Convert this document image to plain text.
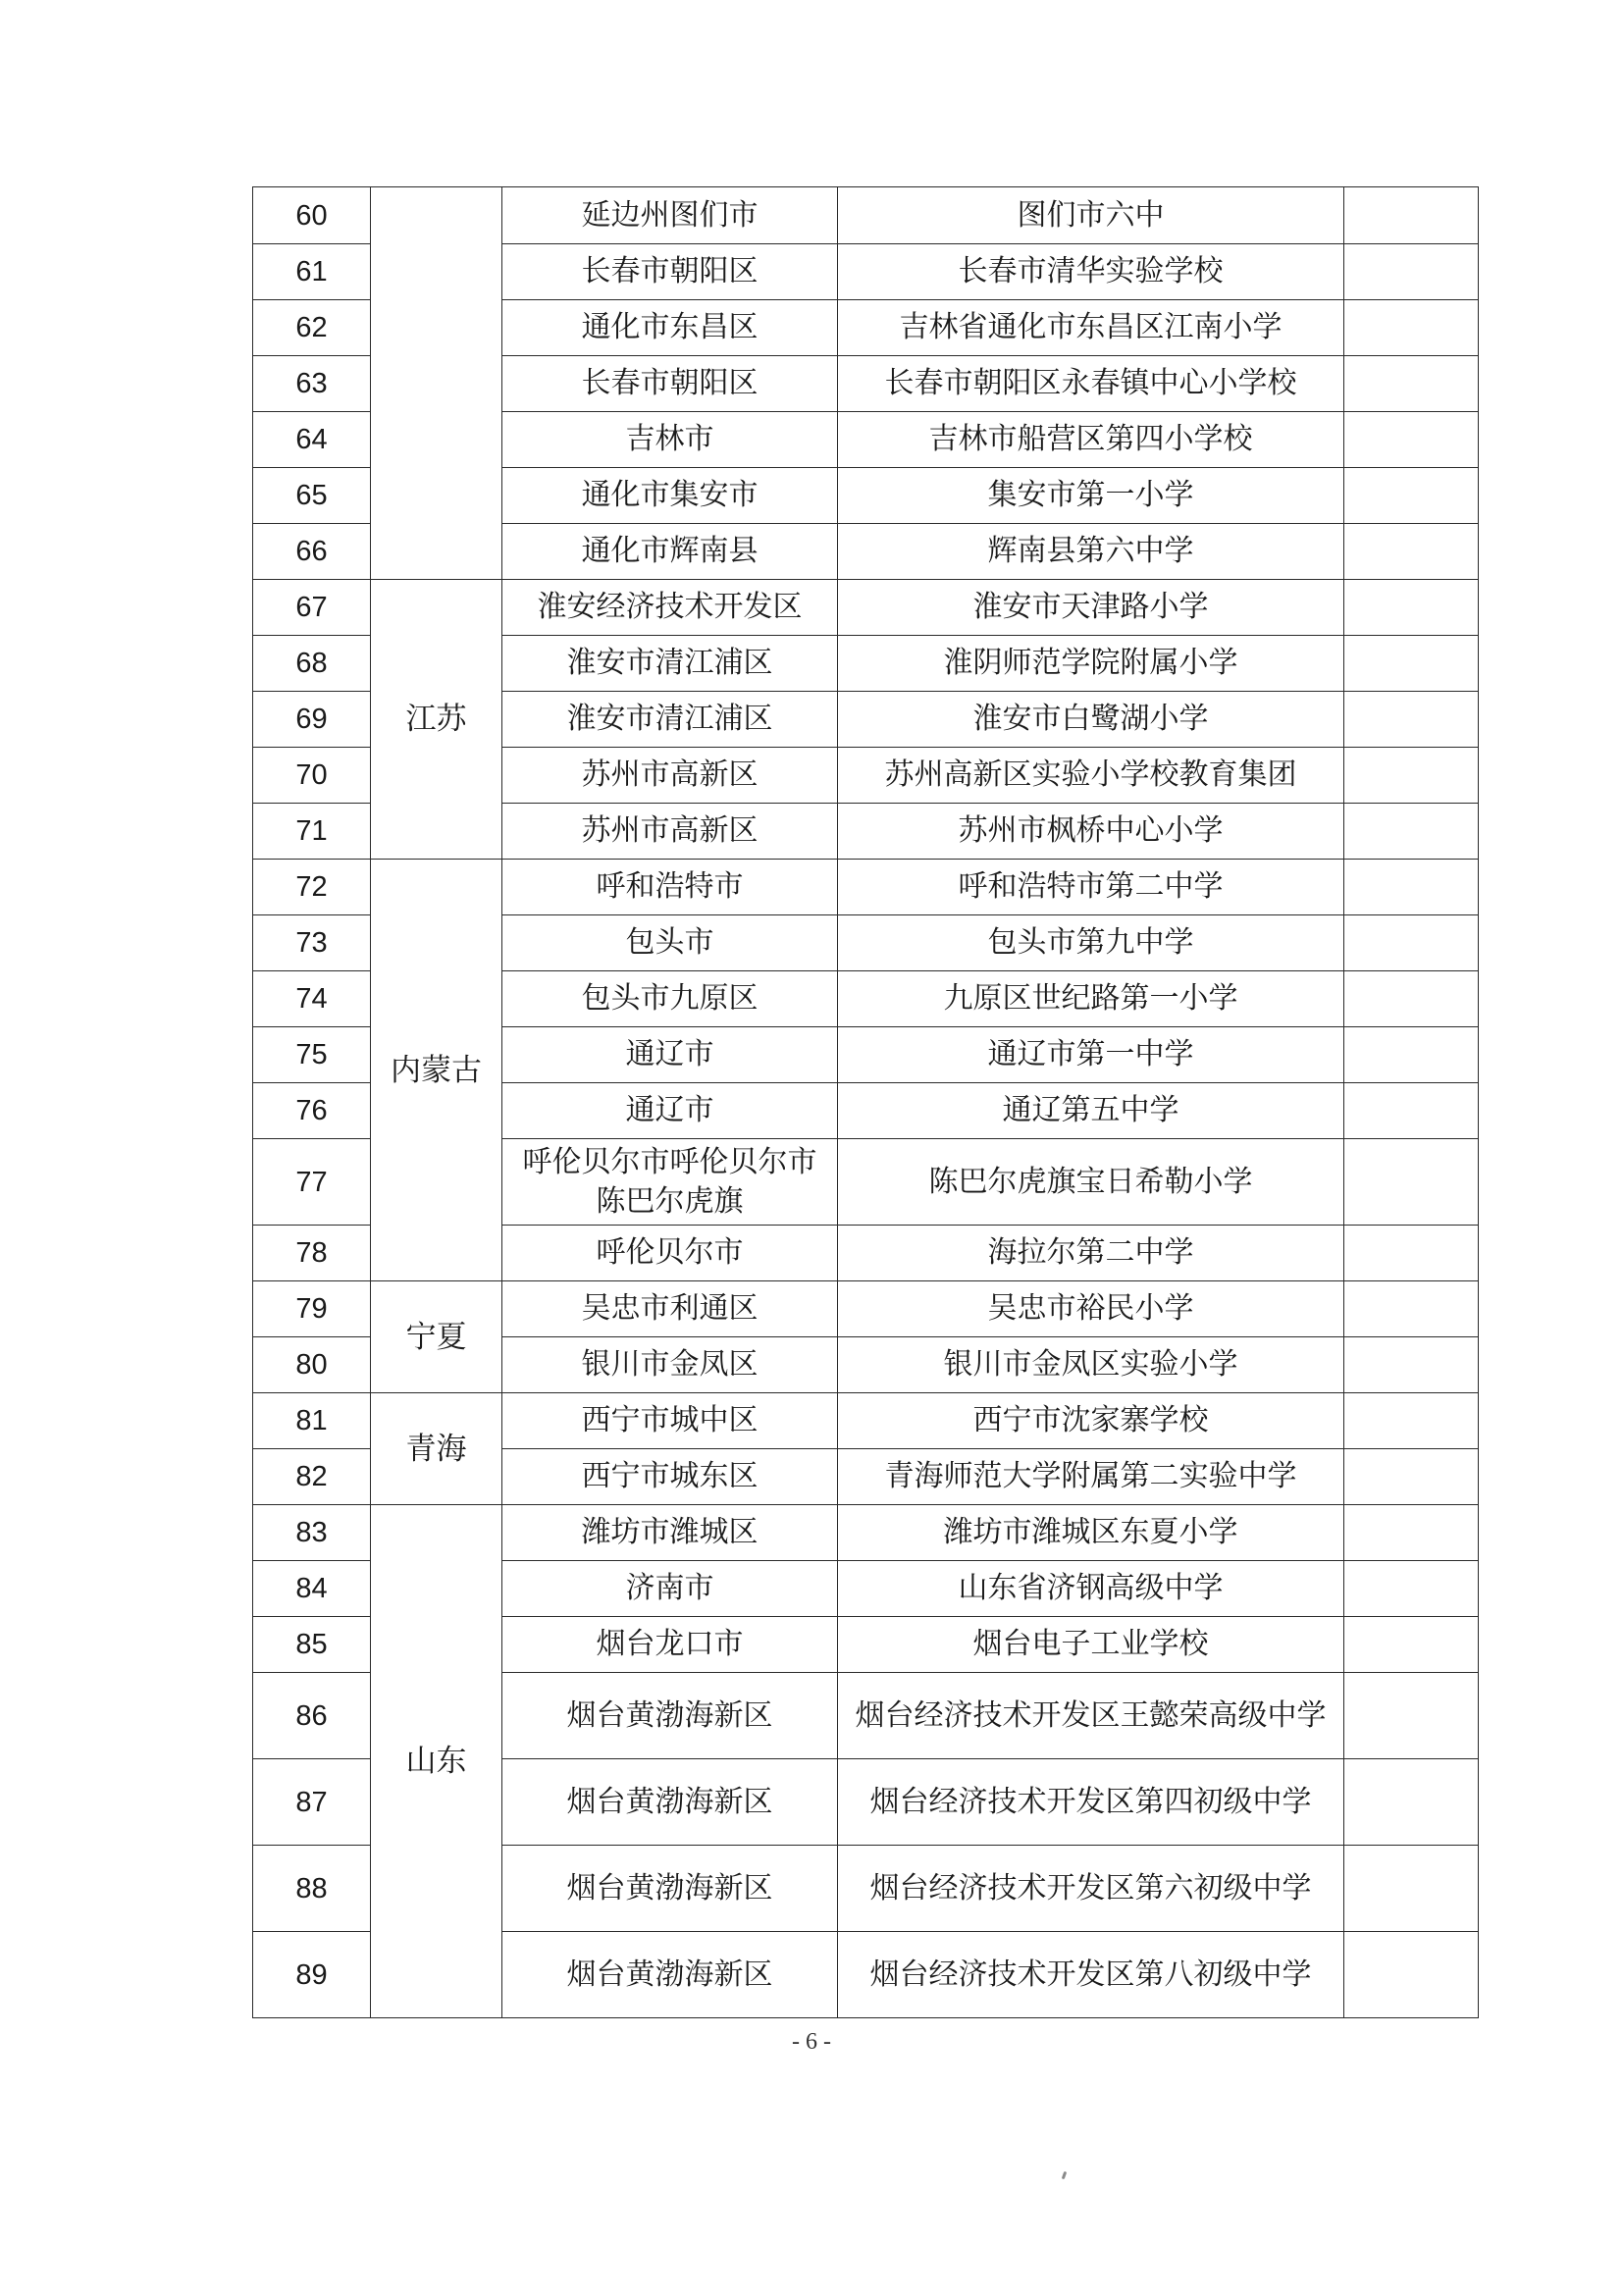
60		延边州图们市	图们市六中	
61		长春市朝阳区	长春市清华实验学校	
62		通化市东昌区	吉林省通化市东昌区江南小学	
63		长春市朝阳区	长春市朝阳区永春镇中心小学校	
64		吉林市	吉林市船营区第四小学校	
65		通化市集安市	集安市第一小学	
66		通化市辉南县	辉南县第六中学	
67	江苏	淮安经济技术开发区	淮安市天津路小学	
68		淮安市清江浦区	淮阴师范学院附属小学	
69		淮安市清江浦区	淮安市白鹭湖小学	
70		苏州市高新区	苏州高新区实验小学校教育集团	
71		苏州市高新区	苏州市枫桥中心小学	
72	内蒙古	呼和浩特市	呼和浩特市第二中学	
73		包头市	包头市第九中学	
74		包头市九原区	九原区世纪路第一小学	
75		通辽市	通辽市第一中学	
76		通辽市	通辽第五中学	
77		呼伦贝尔市呼伦贝尔市陈巴尔虎旗	陈巴尔虎旗宝日希勒小学	
78		呼伦贝尔市	海拉尔第二中学	
79	宁夏	吴忠市利通区	吴忠市裕民小学	
80		银川市金凤区	银川市金凤区实验小学	
81	青海	西宁市城中区	西宁市沈家寨学校	
82		西宁市城东区	青海师范大学附属第二实验中学	
83	山东	潍坊市潍城区	潍坊市潍城区东夏小学	
84		济南市	山东省济钢高级中学	
85		烟台龙口市	烟台电子工业学校	
86		烟台黄渤海新区	烟台经济技术开发区王懿荣高级中学	
87		烟台黄渤海新区	烟台经济技术开发区第四初级中学	
88		烟台黄渤海新区	烟台经济技术开发区第六初级中学	
89		烟台黄渤海新区	烟台经济技术开发区第八初级中学	
- 6 -
